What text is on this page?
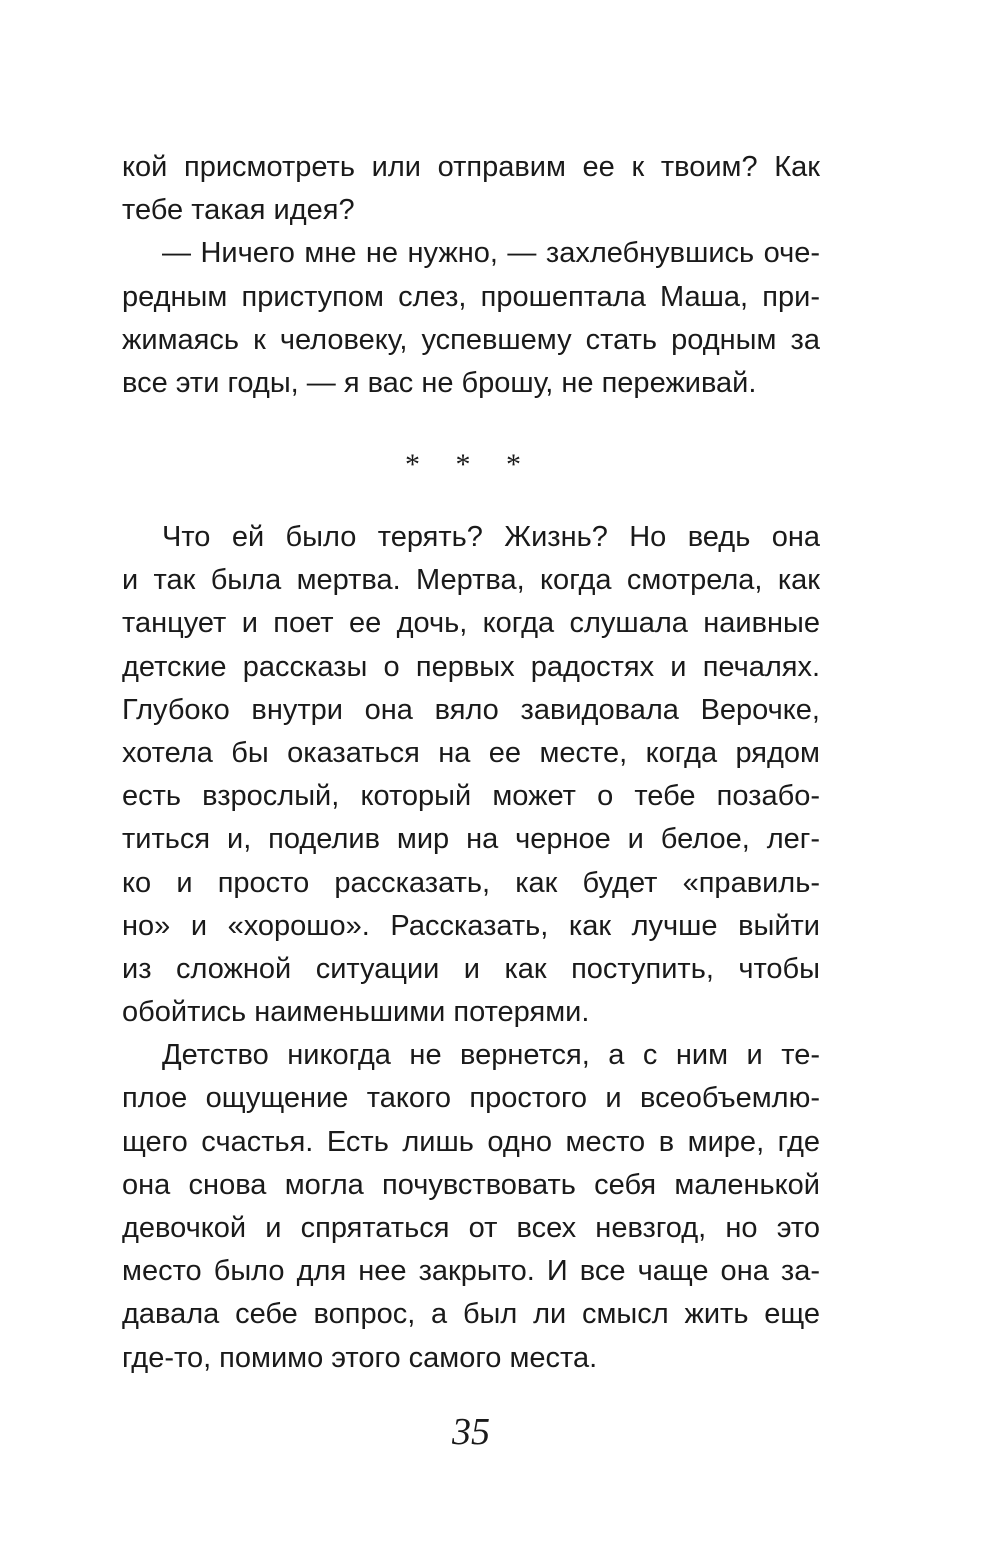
кой присмотреть или отправим ее к твоим? Как
тебе такая идея?
— Ничего мне не нужно, — захлебнувшись оче-
редным приступом слез, прошептала Маша, при-
жимаясь к человеку, успевшему стать родным за
все эти годы, — я вас не брошу, не переживай.
* * *
Что ей было терять? Жизнь? Но ведь она
и так была мертва. Мертва, когда смотрела, как
танцует и поет ее дочь, когда слушала наивные
детские рассказы о первых радостях и печалях.
Глубоко внутри она вяло завидовала Верочке,
хотела бы оказаться на ее месте, когда рядом
есть взрослый, который может о тебе позабо-
титься и, поделив мир на черное и белое, лег-
ко и просто рассказать, как будет «правиль-
но» и «хорошо». Рассказать, как лучше выйти
из сложной ситуации и как поступить, чтобы
обойтись наименьшими потерями.
Детство никогда не вернется, а с ним и те-
плое ощущение такого простого и всеобъемлю-
щего счастья. Есть лишь одно место в мире, где
она снова могла почувствовать себя маленькой
девочкой и спрятаться от всех невзгод, но это
место было для нее закрыто. И все чаще она за-
давала себе вопрос, а был ли смысл жить еще
где-то, помимо этого самого места.
35
